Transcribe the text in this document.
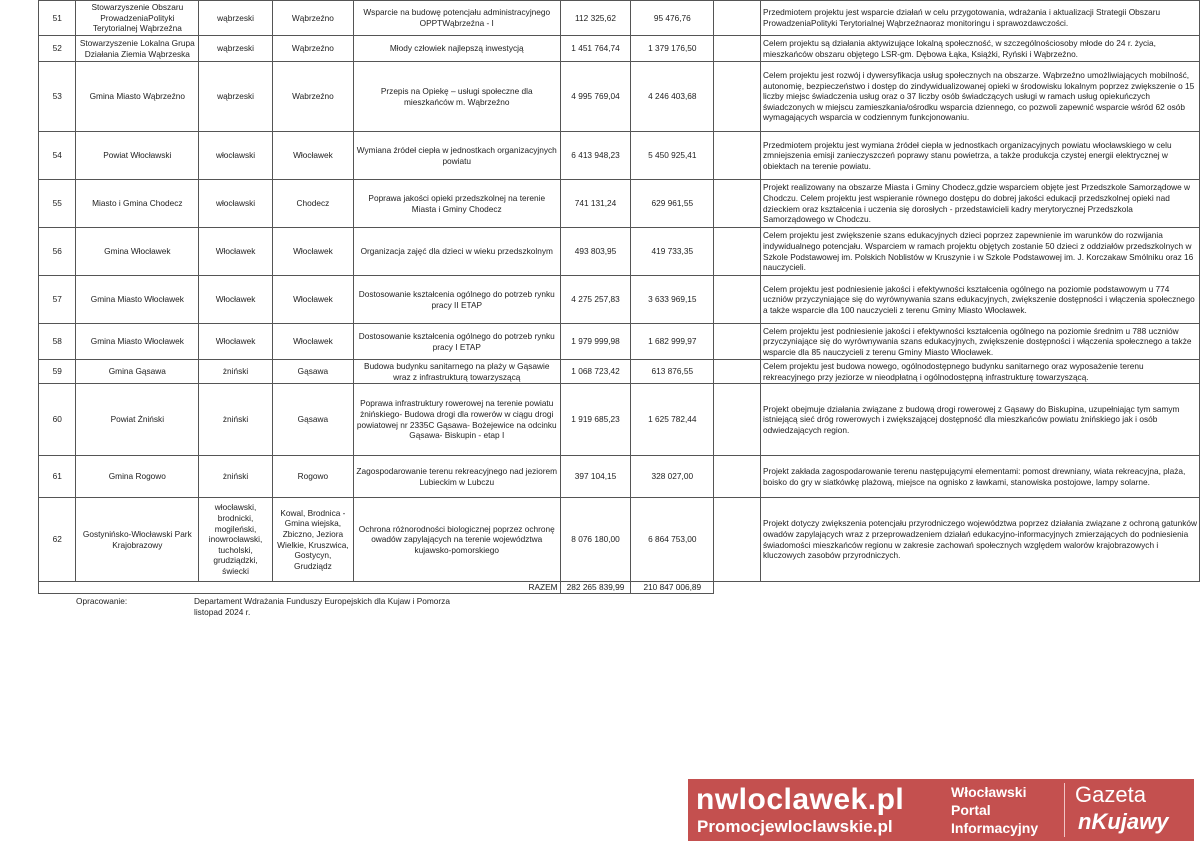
51	Stowarzyszenie Obszaru ProwadzeniaPolityki Terytorialnej Wąbrzeźna	wąbrzeski	Wąbrzeźno	Wsparcie na budowę potencjału administracyjnego OPPTWąbrzeźna - I	112 325,62	95 476,76		Przedmiotem projektu jest wsparcie działań w celu przygotowania, wdrażania i aktualizacji Strategii Obszaru ProwadzeniaPolityki Terytorialnej Wąbrzeźnaoraz monitoringu i sprawozdawczości.
52	Stowarzyszenie Lokalna Grupa Działania Ziemia Wąbrzeska	wąbrzeski	Wąbrzeźno	Młody człowiek najlepszą inwestycją	1 451 764,74	1 379 176,50		Celem projektu są działania aktywizujące lokalną społeczność, w szczególnościosoby młode do 24 r. życia, mieszkańców obszaru objętego LSR-gm. Dębowa Łąka, Książki, Ryński i Wąbrzeźno.
53	Gmina Miasto Wąbrzeźno	wąbrzeski	Wabrzeźno	Przepis na Opiekę – usługi społeczne dla mieszkańców m. Wąbrzeźno	4 995 769,04	4 246 403,68		Celem projektu jest rozwój i dywersyfikacja usług społecznych na obszarze. Wąbrzeźno umożliwiających mobilność, autonomię, bezpieczeństwo i dostęp do zindywidualizowanej opieki w środowisku lokalnym poprzez zwiększenie o 15 liczby miejsc świadczenia usług oraz o 37 liczby osób świadczących usługi w ramach usług opiekuńczych świadczonych w miejscu zamieszkania/ośrodku wsparcia dziennego, co pozwoli zapewnić wsparcie wśród 62 osób wymagających wsparcia w codziennym funkcjonowaniu.
54	Powiat Włocławski	włocławski	Włocławek	Wymiana źródeł ciepła w jednostkach organizacyjnych powiatu	6 413 948,23	5 450 925,41		Przedmiotem projektu jest wymiana źródeł ciepła w jednostkach organizacyjnych powiatu włocławskiego w celu zmniejszenia emisji zanieczyszczeń poprawy stanu powietrza, a także produkcja czystej energii elektrycznej w obiektach na terenie powiatu.
55	Miasto i Gmina Chodecz	włocławski	Chodecz	Poprawa jakości opieki przedszkolnej na terenie Miasta i Gminy Chodecz	741 131,24	629 961,55		Projekt realizowany na obszarze Miasta i Gminy Chodecz,gdzie wsparciem objęte jest Przedszkole Samorządowe w Chodczu. Celem projektu jest wspieranie równego dostępu do dobrej jakości edukacji przedszkolnej opieki nad dzieckiem oraz kształcenia i uczenia się dorosłych - przedstawicieli kadry merytorycznej Przedszkola Samorządowego w Chodczu.
56	Gmina Włocławek	Włocławek	Włocławek	Organizacja zajęć dla dzieci w wieku przedszkolnym	493 803,95	419 733,35		Celem projektu jest zwiększenie szans edukacyjnych dzieci poprzez zapewnienie im warunków do rozwijania indywidualnego potencjału. Wsparciem w ramach projektu objętych zostanie 50 dzieci z oddziałów przedszkolnych w Szkole Podstawowej im. Polskich Noblistów w Kruszynie i w Szkole Podstawowej im. J. Korczakaw Smólniku oraz 16 nauczycieli.
57	Gmina Miasto Włocławek	Włocławek	Włocławek	Dostosowanie kształcenia ogólnego do potrzeb rynku pracy II ETAP	4 275 257,83	3 633 969,15		Celem projektu jest podniesienie jakości i efektywności kształcenia ogólnego na poziomie podstawowym u 774 uczniów przyczyniające się do wyrównywania szans edukacyjnych, zwiększenie dostępności i włączenia społecznego a także wsparcie dla 100 nauczycieli z terenu Gminy Miasto Włocławek.
58	Gmina Miasto Włocławek	Włocławek	Włocławek	Dostosowanie kształcenia ogólnego do potrzeb rynku pracy I ETAP	1 979 999,98	1 682 999,97		Celem projektu jest podniesienie jakości i efektywności kształcenia ogólnego na poziomie średnim u 788 uczniów przyczyniające się do wyrównywania szans edukacyjnych, zwiększenie dostępności i włączenia społecznego a także wsparcie dla 85 nauczycieli z terenu Gminy Miasto Włocławek.
59	Gmina Gąsawa	żniński	Gąsawa	Budowa budynku sanitarnego na plaży w Gąsawie wraz z infrastrukturą towarzyszącą	1 068 723,42	613 876,55		Celem projektu jest budowa nowego, ogólnodostępnego budynku sanitarnego oraz wyposażenie terenu rekreacyjnego przy jeziorze w nieodpłatną i ogólnodostępną infrastrukturę towarzyszącą.
60	Powiat Żniński	żniński	Gąsawa	Poprawa infrastruktury rowerowej na terenie powiatu żnińskiego- Budowa drogi dla rowerów w ciągu drogi powiatowej nr 2335C Gąsawa- Bożejewice na odcinku Gąsawa- Biskupin - etap I	1 919 685,23	1 625 782,44		Projekt obejmuje działania związane z budową drogi rowerowej z Gąsawy do Biskupina, uzupełniając tym samym istniejącą sieć dróg rowerowych i zwiększającej dostępność dla mieszkańców powiatu żnińskiego jak i osób odwiedzających region.
61	Gmina Rogowo	żniński	Rogowo	Zagospodarowanie terenu rekreacyjnego nad jeziorem Lubieckim w Lubczu	397 104,15	328 027,00		Projekt zakłada zagospodarowanie terenu następującymi elementami: pomost drewniany, wiata rekreacyjna, plaża, boisko do gry w siatkówkę plażową, miejsce na ognisko z ławkami, stanowiska postojowe, lampy solarne.
62	Gostynińsko-Włocławski Park Krajobrazowy	włocławski, brodnicki, mogileński, inowrocławski, tucholski, grudziądzki, świecki	Kowal, Brodnica - Gmina wiejska, Zbiczno, Jeziora Wielkie, Kruszwica, Gostycyn, Grudziądz	Ochrona różnorodności biologicznej poprzez ochronę owadów zapylających na terenie województwa kujawsko-pomorskiego	8 076 180,00	6 864 753,00		Projekt dotyczy zwiększenia potencjału przyrodniczego województwa poprzez działania związane z ochroną gatunków owadów zapylających wraz z przeprowadzeniem działań edukacyjno-informacyjnych zmierzających do podniesienia świadomości mieszkańców regionu w zakresie zachowań społecznych względem walorów krajobrazowych i kluczowych zasobów przyrodniczych.
RAZEM					282 265 839,99	210 847 006,89		
Opracowanie:	Departament Wdrażania Funduszy Europejskich dla Kujaw i Pomorza
listopad 2024 r.
nwloclawek.pl
Promocjewloclawskie.pl
Włocławski
Portal
Informacyjny
Gazeta
nKujawy
